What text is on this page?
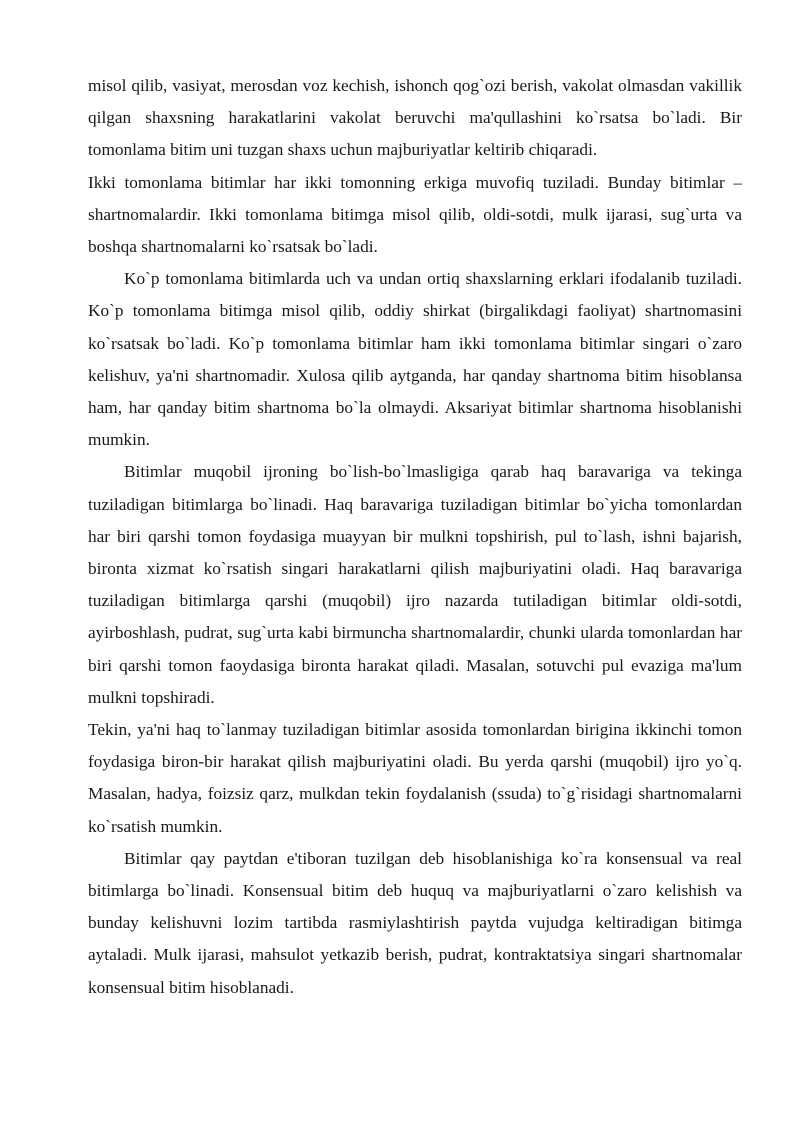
misol qilib, vasiyat, merosdan voz kechish, ishonch qog`ozi berish, vakolat olmasdan vakillik qilgan shaxsning harakatlarini vakolat beruvchi ma'qullashini ko`rsatsa bo`ladi. Bir tomonlama bitim uni tuzgan shaxs uchun majburiyatlar keltirib chiqaradi.

Ikki tomonlama bitimlar har ikki tomonning erkiga muvofiq tuziladi. Bunday bitimlar – shartnomalardir. Ikki tomonlama bitimga misol qilib, oldi-sotdi, mulk ijarasi, sug`urta va boshqa shartnomalarni ko`rsatsak bo`ladi.

Ko`p tomonlama bitimlarda uch va undan ortiq shaxslarning erklari ifodalanib tuziladi. Ko`p tomonlama bitimga misol qilib, oddiy shirkat (birgalikdagi faoliyat) shartnomasini ko`rsatsak bo`ladi. Ko`p tomonlama bitimlar ham ikki tomonlama bitimlar singari o`zaro kelishuv, ya'ni shartnomadir. Xulosa qilib aytganda, har qanday shartnoma bitim hisoblansa ham, har qanday bitim shartnoma bo`la olmaydi. Aksariyat bitimlar shartnoma hisoblanishi mumkin.

Bitimlar muqobil ijroning bo`lish-bo`lmasligiga qarab haq baravariga va tekinga tuziladigan bitimlarga bo`linadi. Haq baravariga tuziladigan bitimlar bo`yicha tomonlardan har biri qarshi tomon foydasiga muayyan bir mulkni topshirish, pul to`lash, ishni bajarish, bironta xizmat ko`rsatish singari harakatlarni qilish majburiyatini oladi. Haq baravariga tuziladigan bitimlarga qarshi (muqobil) ijro nazarda tutiladigan bitimlar oldi-sotdi, ayirboshlash, pudrat, sug`urta kabi birmuncha shartnomalardir, chunki ularda tomonlardan har biri qarshi tomon faoydasiga bironta harakat qiladi. Masalan, sotuvchi pul evaziga ma'lum mulkni topshiradi.

Tekin, ya'ni haq to`lanmay tuziladigan bitimlar asosida tomonlardan birigina ikkinchi tomon foydasiga biron-bir harakat qilish majburiyatini oladi. Bu yerda qarshi (muqobil) ijro yo`q. Masalan, hadya, foizsiz qarz, mulkdan tekin foydalanish (ssuda) to`g`risidagi shartnomalarni ko`rsatish mumkin.

Bitimlar qay paytdan e'tiboran tuzilgan deb hisoblanishiga ko`ra konsensual va real bitimlarga bo`linadi. Konsensual bitim deb huquq va majburiyatlarni o`zaro kelishish va bunday kelishuvni lozim tartibda rasmiylashtirish paytda vujudga keltiradigan bitimga aytaladi. Mulk ijarasi, mahsulot yetkazib berish, pudrat, kontraktatsiya singari shartnomalar konsensual bitim hisoblanadi.
